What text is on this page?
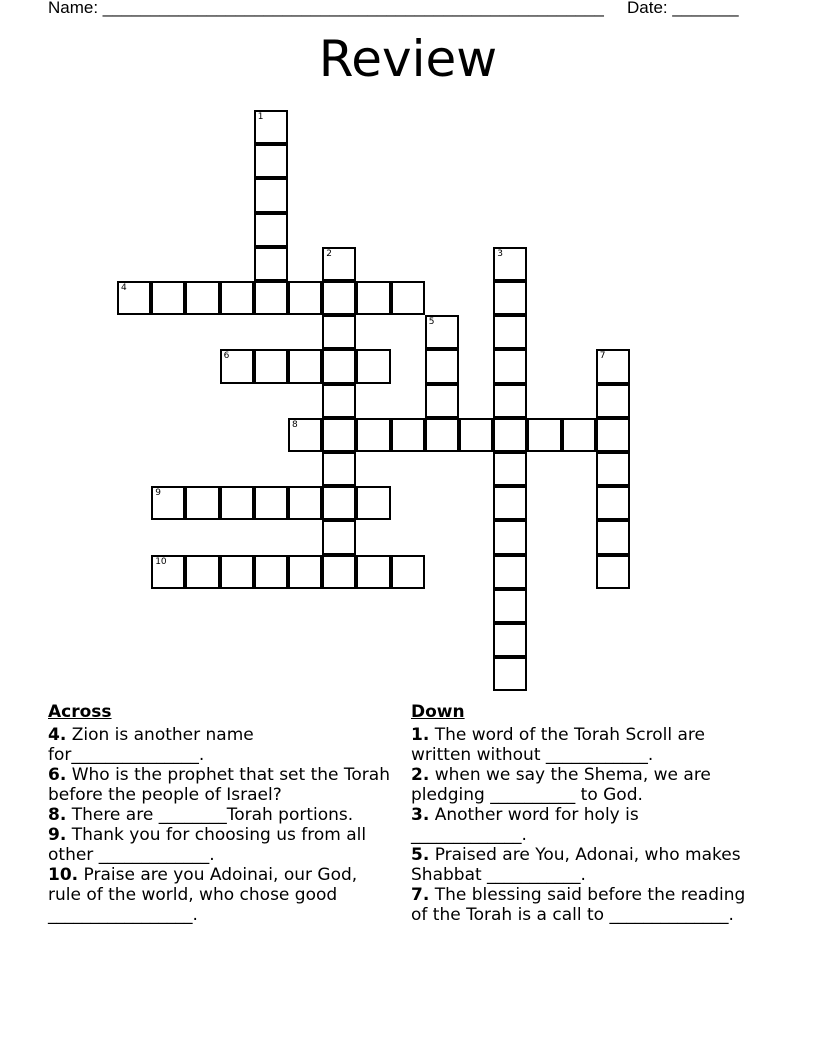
Name: _____________________________________________________ Date: _______
Review
1
2	3
4
5
6	7
8
9
10
Across
4. Zion is another name for_______________.
6. Who is the prophet that set the Torah before the people of Israel?
8. There are ________Torah portions.
9. Thank you for choosing us from all other _____________.
10. Praise are you Adoinai, our God, rule of the world, who chose good _________________.
Down
1. The word of the Torah Scroll are written without ____________.
2. when we say the Shema, we are pledging __________ to God.
3. Another word for holy is _____________.
5. Praised are You, Adonai, who makes Shabbat ___________.
7. The blessing said before the reading of the Torah is a call to ______________.
